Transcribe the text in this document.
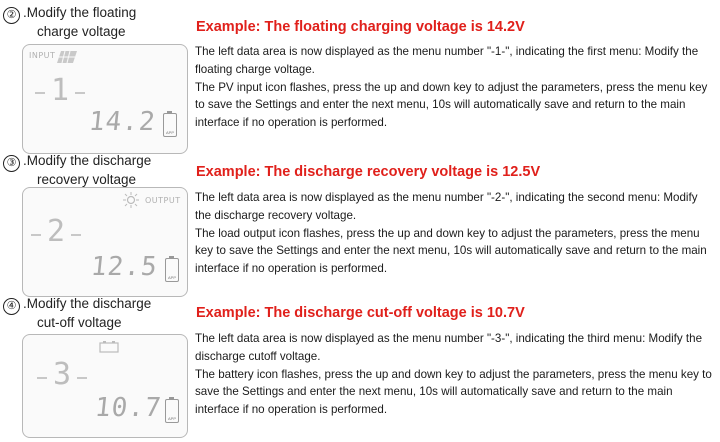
② .Modify the floating
charge voltage
INPUT
1
14.2	APP
Example: The floating charging voltage is 14.2V

The left data area is now displayed as the menu number "-1-", indicating the first menu: Modify the floating charge voltage.

The PV input icon flashes, press the up and down key to adjust the parameters, press the menu key to save the Settings and enter the next menu, 10s will automatically save and return to the main interface if no operation is performed.

③ .Modify the discharge
recovery voltage
OUTPUT
2
12.5	APP
Example: The discharge recovery voltage is 12.5V

The left data area is now displayed as the menu number "-2-", indicating the second menu: Modify the discharge recovery voltage.

The load output icon flashes, press the up and down key to adjust the parameters, press the menu key to save the Settings and enter the next menu, 10s will automatically save and return to the main interface if no operation is performed.

④ .Modify the discharge
cut-off voltage
3
10.7	APP
Example: The discharge cut-off voltage is 10.7V

The left data area is now displayed as the menu number "-3-", indicating the third menu: Modify the discharge cutoff voltage.

The battery icon flashes, press the up and down key to adjust the parameters, press the menu key to save the Settings and enter the next menu, 10s will automatically save and return to the main interface if no operation is performed.
